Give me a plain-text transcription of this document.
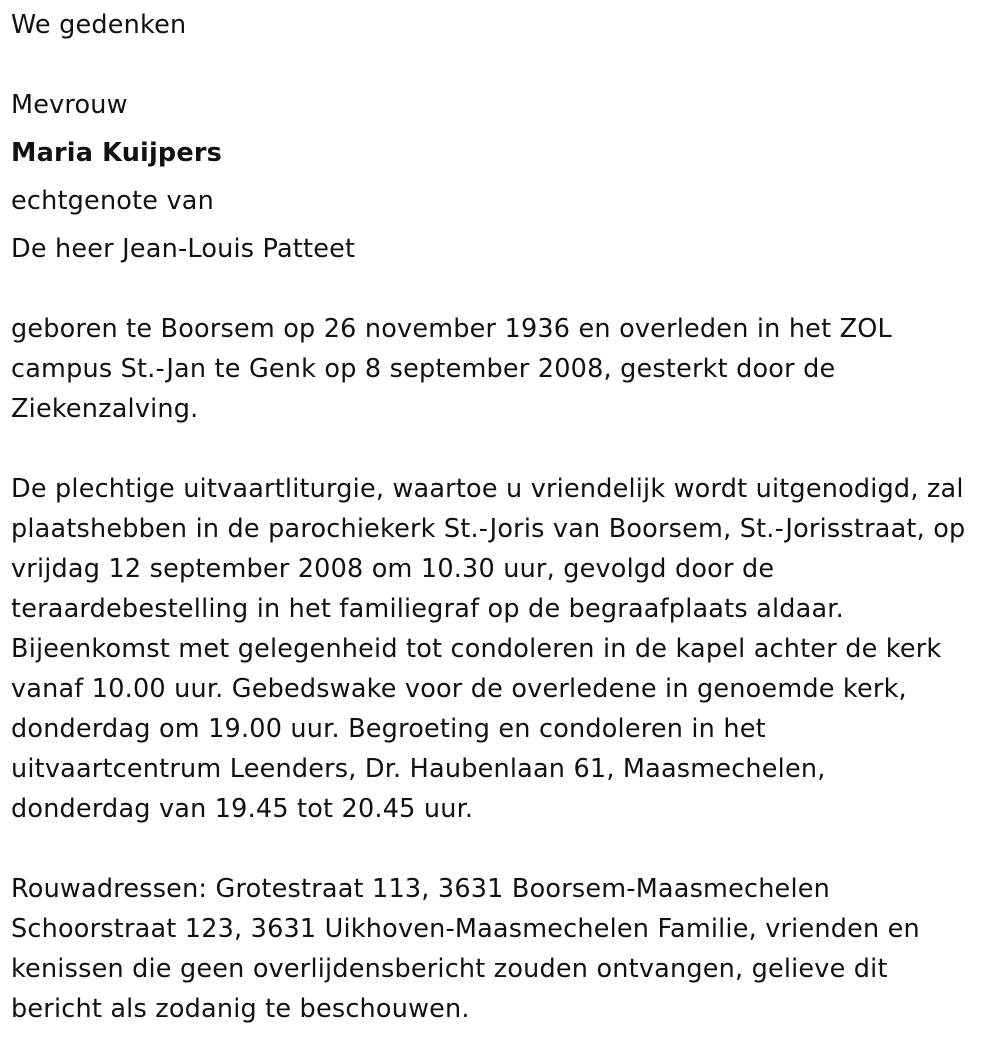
We gedenken
Mevrouw
Maria Kuijpers
echtgenote van
De heer Jean-Louis Patteet
geboren te Boorsem op 26 november 1936 en overleden in het ZOL
campus St.-Jan te Genk op 8 september 2008, gesterkt door de
Ziekenzalving.
De plechtige uitvaartliturgie, waartoe u vriendelijk wordt uitgenodigd, zal
plaatshebben in de parochiekerk St.-Joris van Boorsem, St.-Jorisstraat, op
vrijdag 12 september 2008 om 10.30 uur, gevolgd door de
teraardebestelling in het familiegraf op de begraafplaats aldaar.
Bijeenkomst met gelegenheid tot condoleren in de kapel achter de kerk
vanaf 10.00 uur. Gebedswake voor de overledene in genoemde kerk,
donderdag om 19.00 uur. Begroeting en condoleren in het
uitvaartcentrum Leenders, Dr. Haubenlaan 61, Maasmechelen,
donderdag van 19.45 tot 20.45 uur.
Rouwadressen: Grotestraat 113, 3631 Boorsem-Maasmechelen
Schoorstraat 123, 3631 Uikhoven-Maasmechelen Familie, vrienden en
kenissen die geen overlijdensbericht zouden ontvangen, gelieve dit
bericht als zodanig te beschouwen.
